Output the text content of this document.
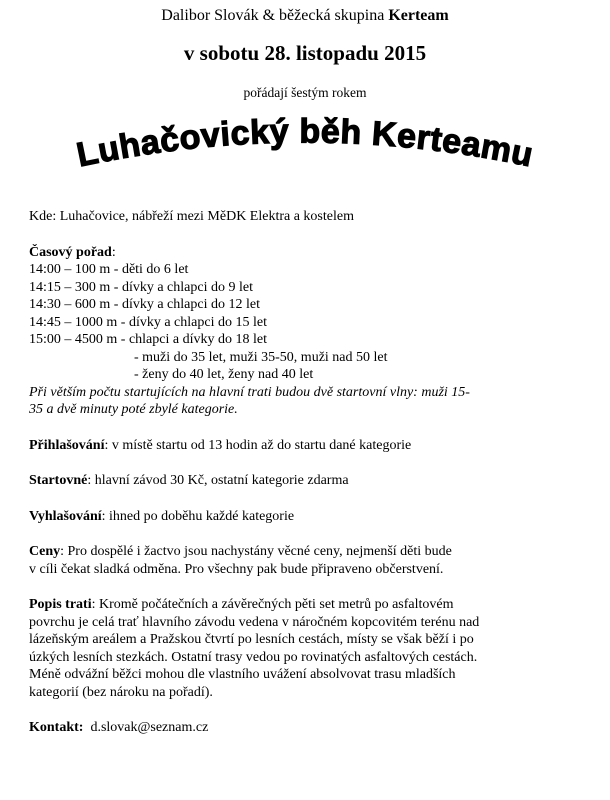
Dalibor Slovák & běžecká skupina Kerteam
v sobotu 28. listopadu 2015
pořádají šestým rokem
Luhačovický běh Kerteamu
Kde: Luhačovice, nábřeží mezi MěDK Elektra a kostelem
Časový pořad:
14:00 – 100 m - děti do 6 let
14:15 – 300 m - dívky a chlapci do 9 let
14:30 – 600 m - dívky a chlapci do 12 let
14:45 – 1000 m - dívky a chlapci do 15 let
15:00 – 4500 m - chlapci a dívky do 18 let
- muži do 35 let, muži 35-50, muži nad 50 let
- ženy do 40 let, ženy nad 40 let
Při větším počtu startujících na hlavní trati budou dvě startovní vlny: muži 15-
35 a dvě minuty poté zbylé kategorie.
Přihlašování: v místě startu od 13 hodin až do startu dané kategorie
Startovné: hlavní závod 30 Kč, ostatní kategorie zdarma
Vyhlašování: ihned po doběhu každé kategorie
Ceny: Pro dospělé i žactvo jsou nachystány věcné ceny, nejmenší děti bude
v cíli čekat sladká odměna. Pro všechny pak bude připraveno občerstvení.
Popis trati: Kromě počátečních a závěrečných pěti set metrů po asfaltovém
povrchu je celá trať hlavního závodu vedena v náročném kopcovitém terénu nad
lázeňským areálem a Pražskou čtvrtí po lesních cestách, místy se však běží i po
úzkých lesních stezkách. Ostatní trasy vedou po rovinatých asfaltových cestách.
Méně odvážní běžci mohou dle vlastního uvážení absolvovat trasu mladších
kategorií (bez nároku na pořadí).
Kontakt: d.slovak@seznam.cz
